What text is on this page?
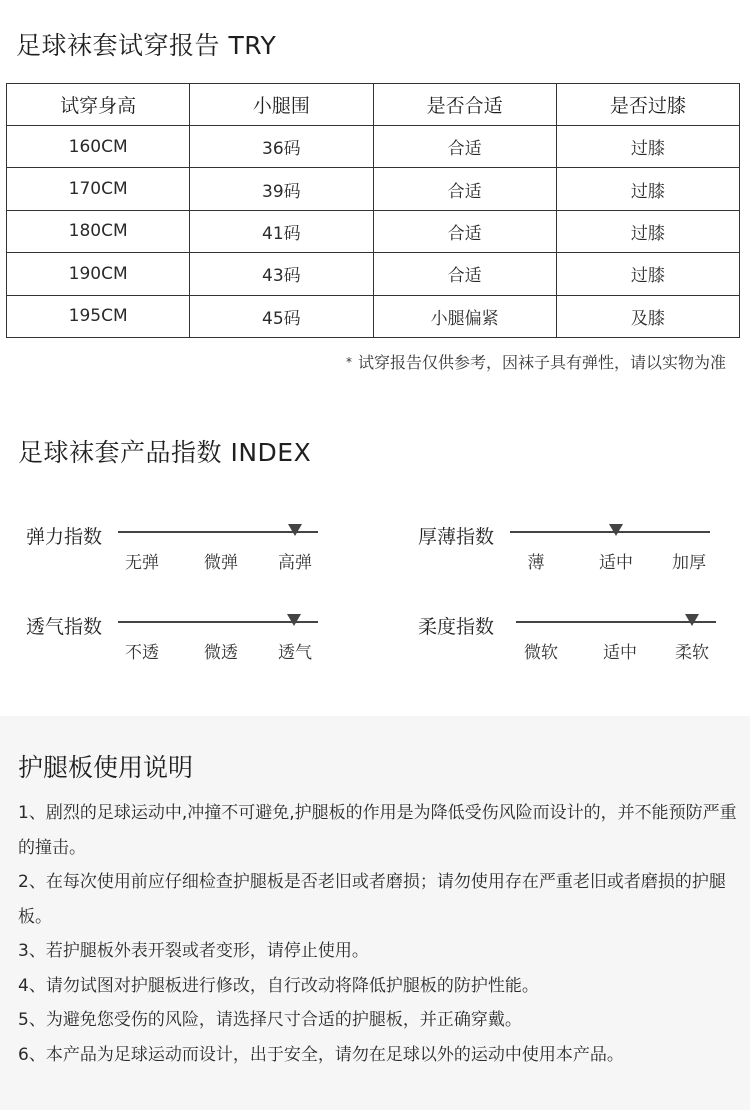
足球袜套试穿报告 TRY
试穿身高	小腿围	是否合适	是否过膝
160CM	36码	合适	过膝
170CM	39码	合适	过膝
180CM	41码	合适	过膝
190CM	43码	合适	过膝
195CM	45码	小腿偏紧	及膝
* 试穿报告仅供参考，因袜子具有弹性，请以实物为准
足球袜套产品指数 INDEX
弹力指数
无弹	微弹 高弹
厚薄指数
薄	适中 加厚
透气指数
不透	微透 透气
柔度指数
微软	适中 柔软
护腿板使用说明
1、剧烈的足球运动中,冲撞不可避免,护腿板的作用是为降低受伤风险而设计的，并不能预防严重的撞击。
2、在每次使用前应仔细检查护腿板是否老旧或者磨损；请勿使用存在严重老旧或者磨损的护腿板。
3、若护腿板外表开裂或者变形，请停止使用。
4、请勿试图对护腿板进行修改，自行改动将降低护腿板的防护性能。
5、为避免您受伤的风险，请选择尺寸合适的护腿板，并正确穿戴。
6、本产品为足球运动而设计，出于安全，请勿在足球以外的运动中使用本产品。
